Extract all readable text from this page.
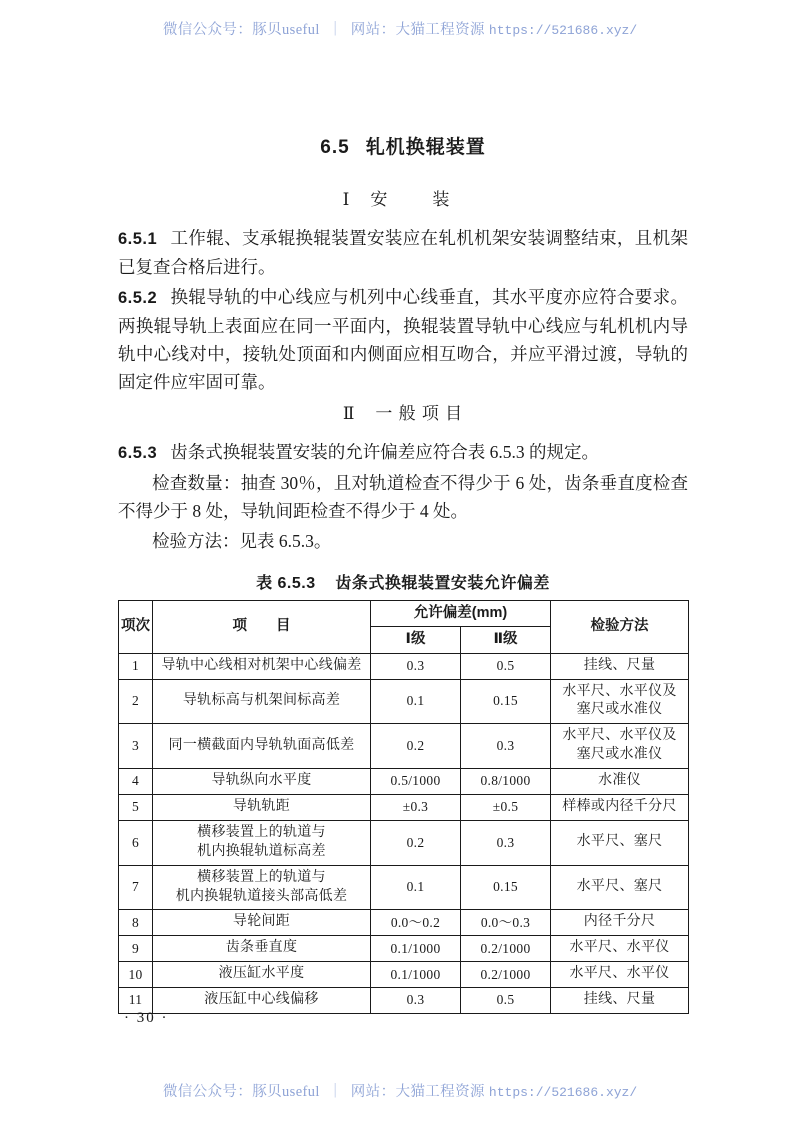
微信公众号：豚贝useful ｜ 网站：大猫工程资源 https://521686.xyz/
6.5 轧机换辊装置
Ⅰ 安　装

6.5.1 工作辊、支承辊换辊装置安装应在轧机机架安装调整结束，且机架已复查合格后进行。

6.5.2 换辊导轨的中心线应与机列中心线垂直，其水平度亦应符合要求。两换辊导轨上表面应在同一平面内，换辊装置导轨中心线应与轧机机内导轨中心线对中，接轨处顶面和内侧面应相互吻合，并应平滑过渡，导轨的固定件应牢固可靠。

Ⅱ 一 般 项 目

6.5.3 齿条式换辊装置安装的允许偏差应符合表 6.5.3 的规定。

检查数量：抽查 30％，且对轨道检查不得少于 6 处，齿条垂直度检查不得少于 8 处，导轨间距检查不得少于 4 处。

检验方法：见表 6.5.3。

表 6.5.3 齿条式换辊装置安装允许偏差
项次	项　　目	允许偏差(mm)		检验方法
		Ⅰ级	Ⅱ级	
1	导轨中心线相对机架中心线偏差	0.3	0.5	挂线、尺量

2	导轨标高与机架间标高差	0.1	0.15	水平尺、水平仪及
塞尺或水准仪

3	同一横截面内导轨轨面高低差	0.2	0.3	水平尺、水平仪及
塞尺或水准仪

4	导轨纵向水平度	0.5/1000	0.8/1000	水准仪

5	导轨轨距	±0.3	±0.5	样棒或内径千分尺

6	横移装置上的轨道与
机内换辊轨道标高差	0.2	0.3	水平尺、塞尺

7	横移装置上的轨道与
机内换辊轨道接头部高低差	0.1	0.15	水平尺、塞尺

8	导轮间距	0.0～0.2	0.0～0.3	内径千分尺

9	齿条垂直度	0.1/1000	0.2/1000	水平尺、水平仪

10	液压缸水平度	0.1/1000	0.2/1000	水平尺、水平仪

11	液压缸中心线偏移	0.3	0.5	挂线、尺量
· 30 ·
微信公众号：豚贝useful ｜ 网站：大猫工程资源 https://521686.xyz/
